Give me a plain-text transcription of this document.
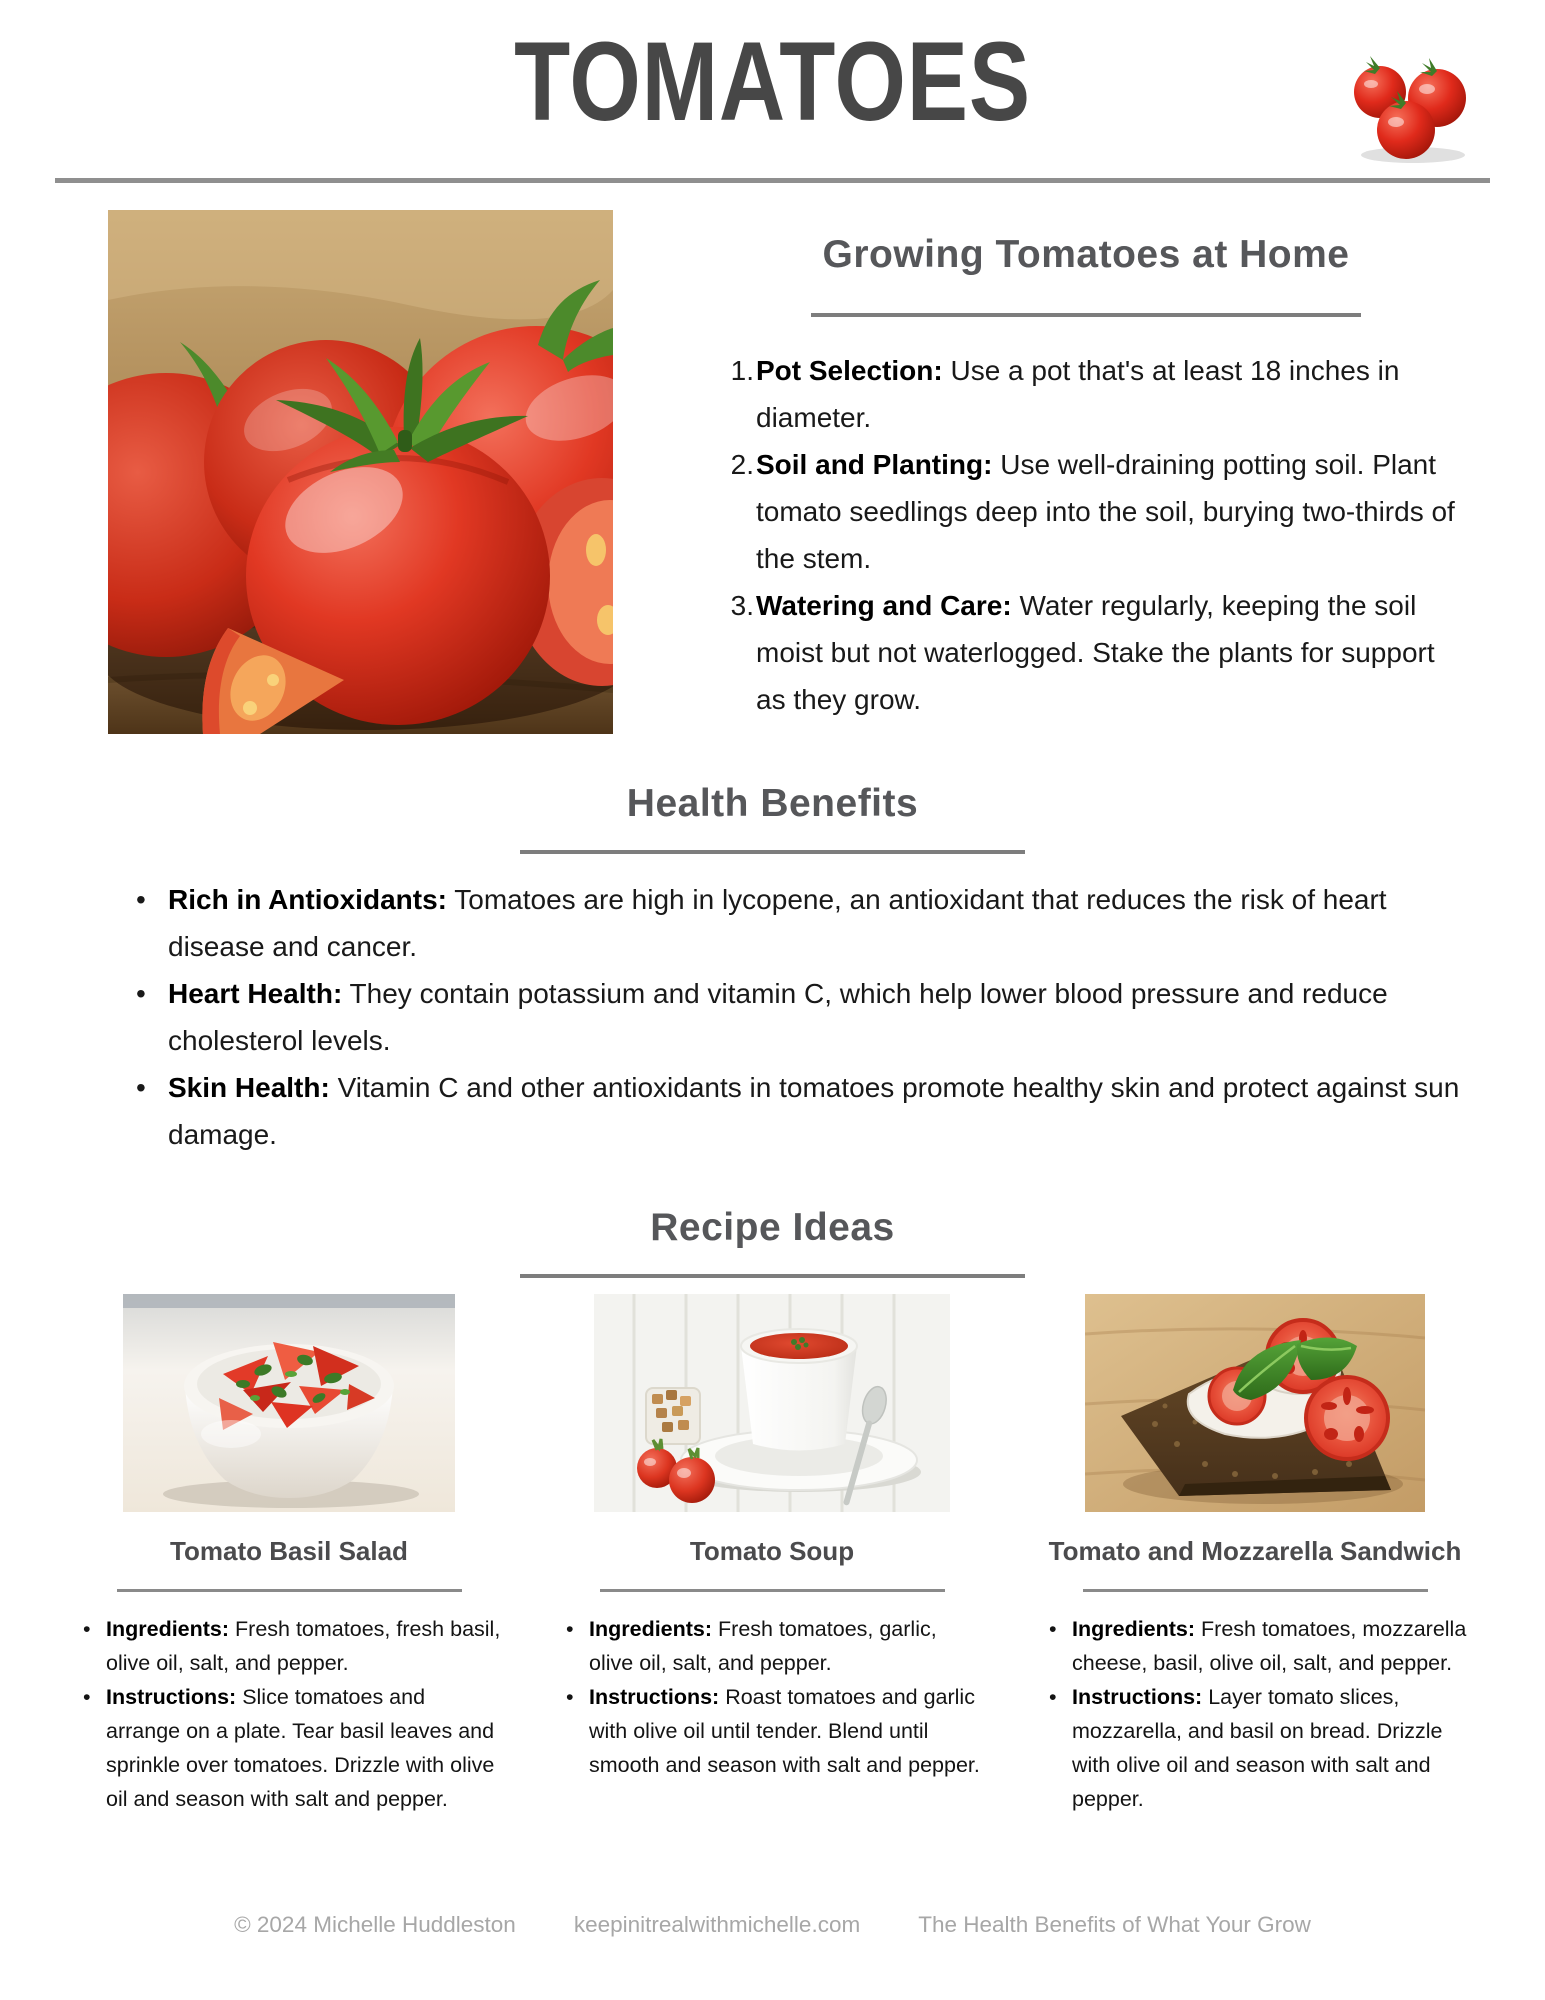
TOMATOES
Growing Tomatoes at Home
1. Pot Selection: Use a pot that's at least 18 inches in diameter.
2. Soil and Planting: Use well-draining potting soil. Plant tomato seedlings deep into the soil, burying two-thirds of the stem.
3. Watering and Care: Water regularly, keeping the soil moist but not waterlogged. Stake the plants for support as they grow.
Health Benefits
• Rich in Antioxidants: Tomatoes are high in lycopene, an antioxidant that reduces the risk of heart disease and cancer.
• Heart Health: They contain potassium and vitamin C, which help lower blood pressure and reduce cholesterol levels.
• Skin Health: Vitamin C and other antioxidants in tomatoes promote healthy skin and protect against sun damage.
Recipe Ideas
Tomato Basil Salad
• Ingredients: Fresh tomatoes, fresh basil, olive oil, salt, and pepper.
• Instructions: Slice tomatoes and arrange on a plate. Tear basil leaves and sprinkle over tomatoes. Drizzle with olive oil and season with salt and pepper.
Tomato Soup
• Ingredients: Fresh tomatoes, garlic, olive oil, salt, and pepper.
• Instructions: Roast tomatoes and garlic with olive oil until tender. Blend until smooth and season with salt and pepper.
Tomato and Mozzarella Sandwich
• Ingredients: Fresh tomatoes, mozzarella cheese, basil, olive oil, salt, and pepper.
• Instructions: Layer tomato slices, mozzarella, and basil on bread. Drizzle with olive oil and season with salt and pepper.
© 2024 Michelle Huddleston	keepinitrealwithmichelle.com	The Health Benefits of What Your Grow
